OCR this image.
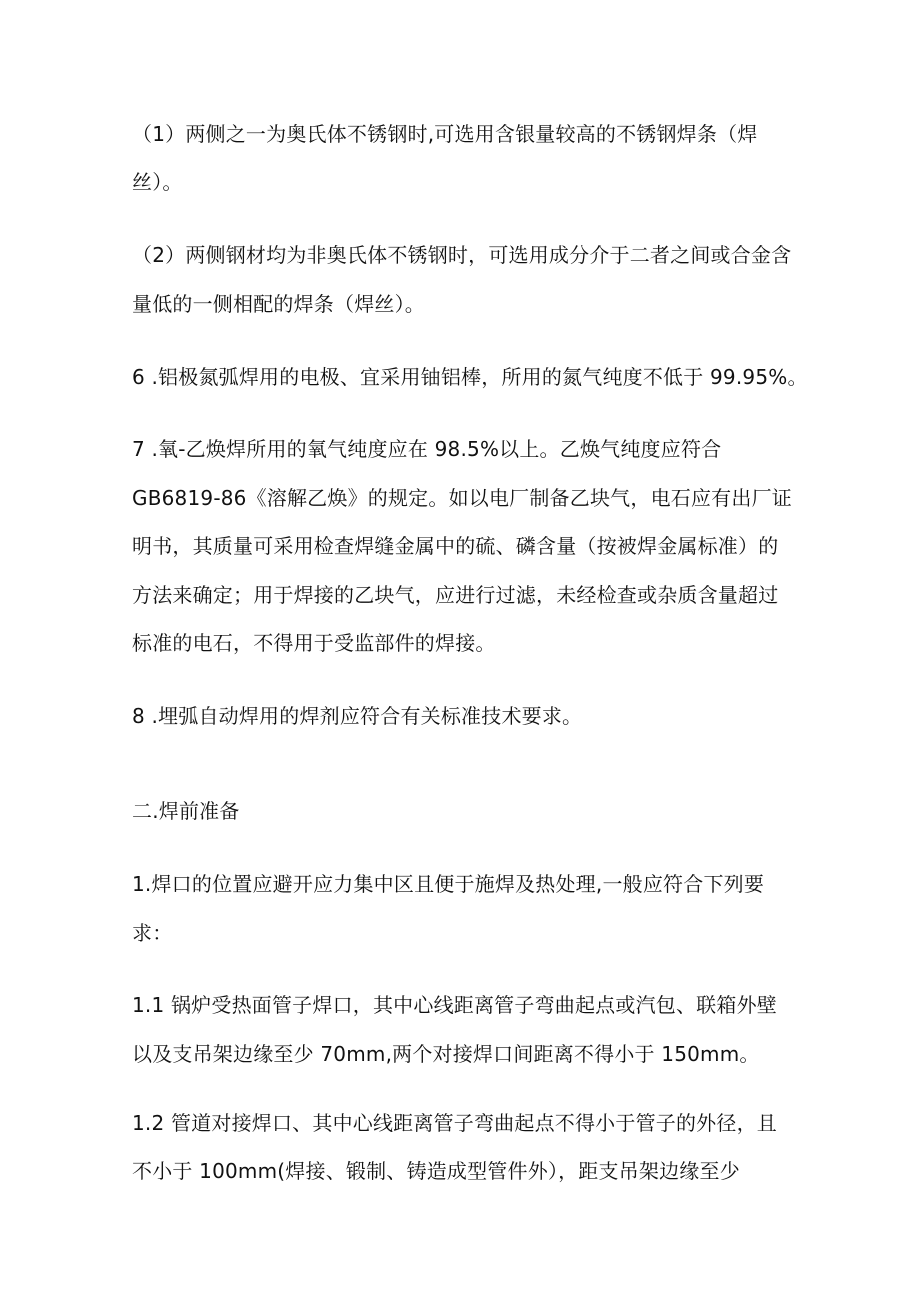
（1）两侧之一为奥氏体不锈钢时,可选用含银量较高的不锈钢焊条（焊
丝）。
（2）两侧钢材均为非奥氏体不锈钢时，可选用成分介于二者之间或合金含
量低的一侧相配的焊条（焊丝）。
6 .铝极氮弧焊用的电极、宜采用铀铝棒，所用的氮气纯度不低于 99.95%。
7 .氧-乙焕焊所用的氧气纯度应在 98.5%以上。乙焕气纯度应符合
GB6819-86《溶解乙焕》的规定。如以电厂制备乙块气，电石应有出厂证
明书，其质量可采用检查焊缝金属中的硫、磷含量（按被焊金属标准）的
方法来确定；用于焊接的乙块气，应进行过滤，未经检查或杂质含量超过
标准的电石，不得用于受监部件的焊接。
8 .埋弧自动焊用的焊剂应符合有关标准技术要求。
二.焊前准备
1.焊口的位置应避开应力集中区且便于施焊及热处理,一般应符合下列要
求：
1.1 锅炉受热面管子焊口，其中心线距离管子弯曲起点或汽包、联箱外壁
以及支吊架边缘至少 70mm,两个对接焊口间距离不得小于 150mm。
1.2 管道对接焊口、其中心线距离管子弯曲起点不得小于管子的外径，且
不小于 100mm(焊接、锻制、铸造成型管件外），距支吊架边缘至少
